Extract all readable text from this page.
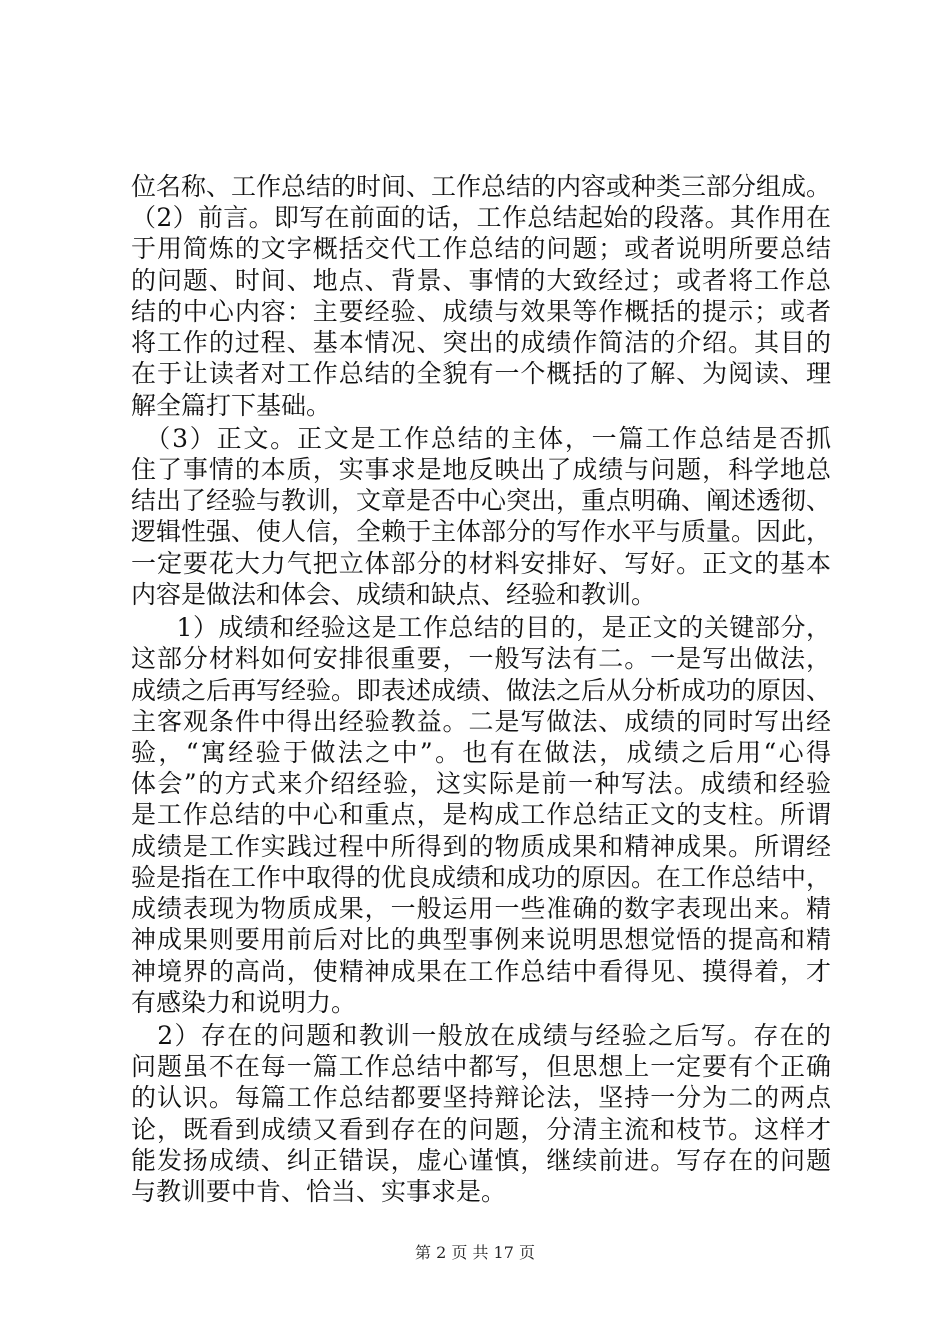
位名称、工作总结的时间、工作总结的内容或种类三部分组成。
（2）前言。即写在前面的话，工作总结起始的段落。其作用在
于用简炼的文字概括交代工作总结的问题；或者说明所要总结
的问题、时间、地点、背景、事情的大致经过；或者将工作总
结的中心内容：主要经验、成绩与效果等作概括的提示；或者
将工作的过程、基本情况、突出的成绩作简洁的介绍。其目的
在于让读者对工作总结的全貌有一个概括的了解、为阅读、理
解全篇打下基础。
　（3）正文。正文是工作总结的主体，一篇工作总结是否抓
住了事情的本质，实事求是地反映出了成绩与问题，科学地总
结出了经验与教训，文章是否中心突出，重点明确、阐述透彻、
逻辑性强、使人信，全赖于主体部分的写作水平与质量。因此，
一定要花大力气把立体部分的材料安排好、写好。正文的基本
内容是做法和体会、成绩和缺点、经验和教训。
　1）成绩和经验这是工作总结的目的，是正文的关键部分，
这部分材料如何安排很重要，一般写法有二。一是写出做法，
成绩之后再写经验。即表述成绩、做法之后从分析成功的原因、
主客观条件中得出经验教益。二是写做法、成绩的同时写出经
验，“寓经验于做法之中”。也有在做法，成绩之后用“心得
体会”的方式来介绍经验，这实际是前一种写法。成绩和经验
是工作总结的中心和重点，是构成工作总结正文的支柱。所谓
成绩是工作实践过程中所得到的物质成果和精神成果。所谓经
验是指在工作中取得的优良成绩和成功的原因。在工作总结中，
成绩表现为物质成果，一般运用一些准确的数字表现出来。精
神成果则要用前后对比的典型事例来说明思想觉悟的提高和精
神境界的高尚，使精神成果在工作总结中看得见、摸得着，才
有感染力和说明力。
　2）存在的问题和教训一般放在成绩与经验之后写。存在的
问题虽不在每一篇工作总结中都写，但思想上一定要有个正确
的认识。每篇工作总结都要坚持辩论法，坚持一分为二的两点
论，既看到成绩又看到存在的问题，分清主流和枝节。这样才
能发扬成绩、纠正错误，虚心谨慎，继续前进。写存在的问题
与教训要中肯、恰当、实事求是。
第 2 页 共 17 页
